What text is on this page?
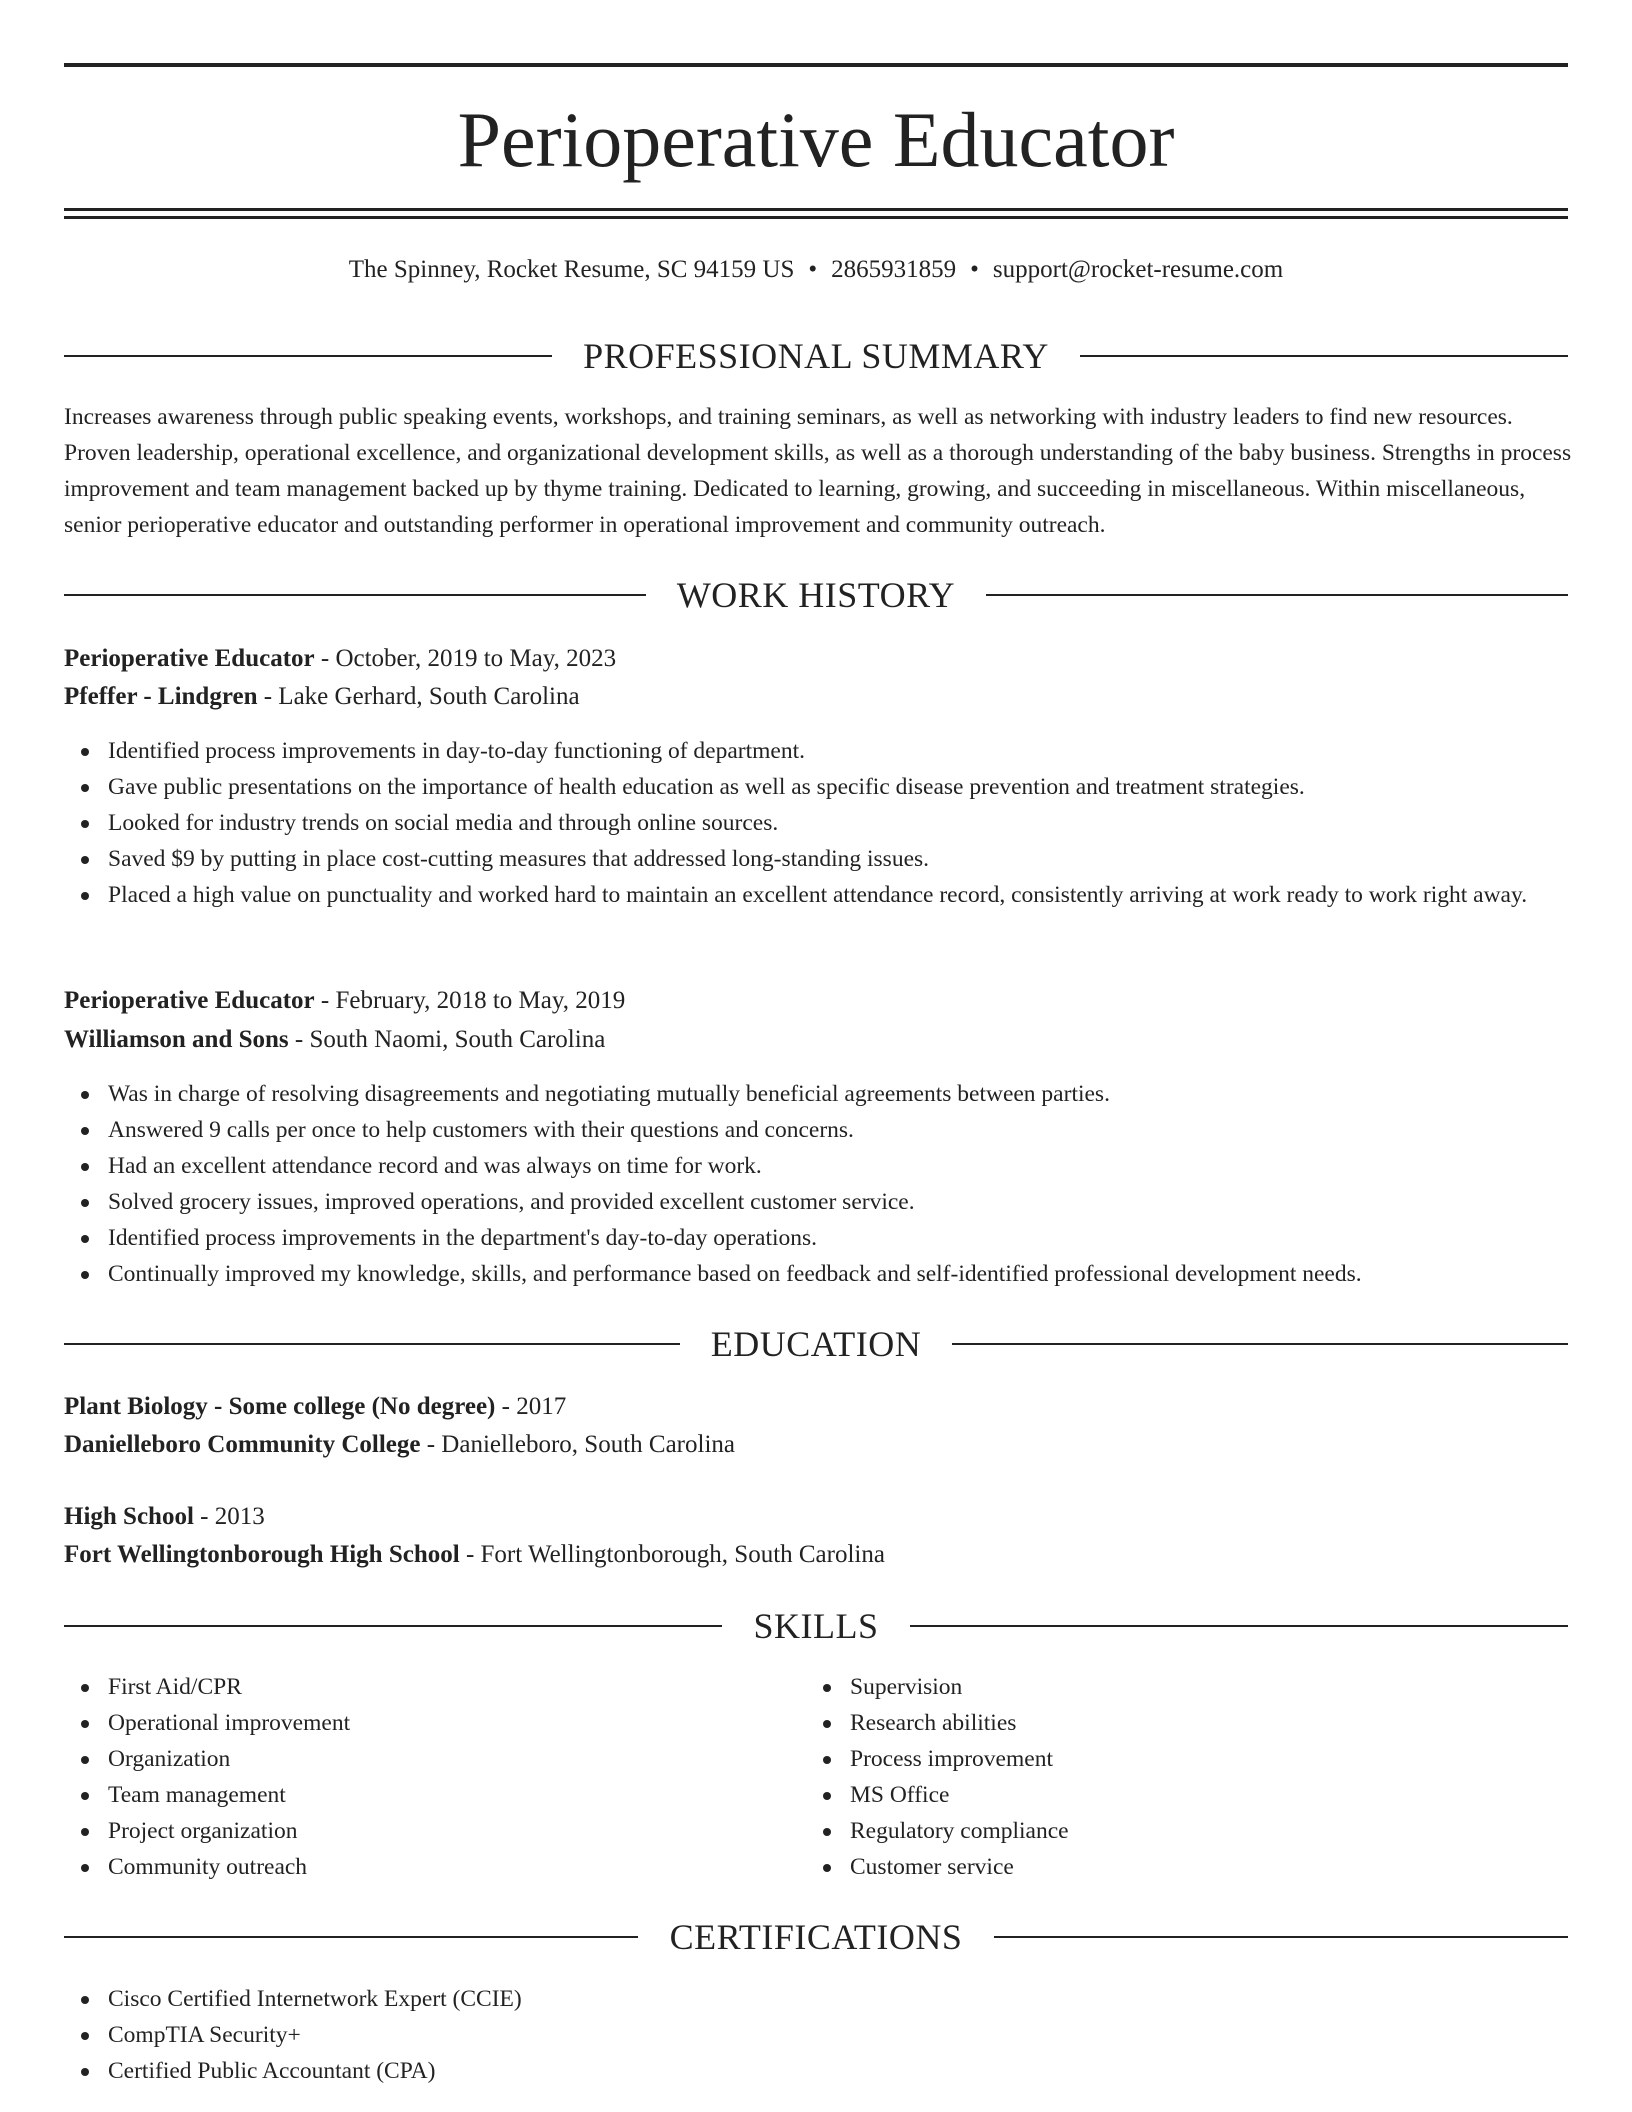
Perioperative Educator
The Spinney, Rocket Resume, SC 94159 US • 2865931859 • support@rocket-resume.com
PROFESSIONAL SUMMARY
Increases awareness through public speaking events, workshops, and training seminars, as well as networking with industry leaders to find new resources. Proven leadership, operational excellence, and organizational development skills, as well as a thorough understanding of the baby business. Strengths in process improvement and team management backed up by thyme training. Dedicated to learning, growing, and succeeding in miscellaneous. Within miscellaneous, senior perioperative educator and outstanding performer in operational improvement and community outreach.
WORK HISTORY
Perioperative Educator - October, 2019 to May, 2023
Pfeffer - Lindgren - Lake Gerhard, South Carolina
Identified process improvements in day-to-day functioning of department.
Gave public presentations on the importance of health education as well as specific disease prevention and treatment strategies.
Looked for industry trends on social media and through online sources.
Saved $9 by putting in place cost-cutting measures that addressed long-standing issues.
Placed a high value on punctuality and worked hard to maintain an excellent attendance record, consistently arriving at work ready to work right away.
Perioperative Educator - February, 2018 to May, 2019
Williamson and Sons - South Naomi, South Carolina
Was in charge of resolving disagreements and negotiating mutually beneficial agreements between parties.
Answered 9 calls per once to help customers with their questions and concerns.
Had an excellent attendance record and was always on time for work.
Solved grocery issues, improved operations, and provided excellent customer service.
Identified process improvements in the department's day-to-day operations.
Continually improved my knowledge, skills, and performance based on feedback and self-identified professional development needs.
EDUCATION
Plant Biology - Some college (No degree) - 2017
Danielleboro Community College - Danielleboro, South Carolina
High School - 2013
Fort Wellingtonborough High School - Fort Wellingtonborough, South Carolina
SKILLS
First Aid/CPR
Operational improvement
Organization
Team management
Project organization
Community outreach
Supervision
Research abilities
Process improvement
MS Office
Regulatory compliance
Customer service
CERTIFICATIONS
Cisco Certified Internetwork Expert (CCIE)
CompTIA Security+
Certified Public Accountant (CPA)
